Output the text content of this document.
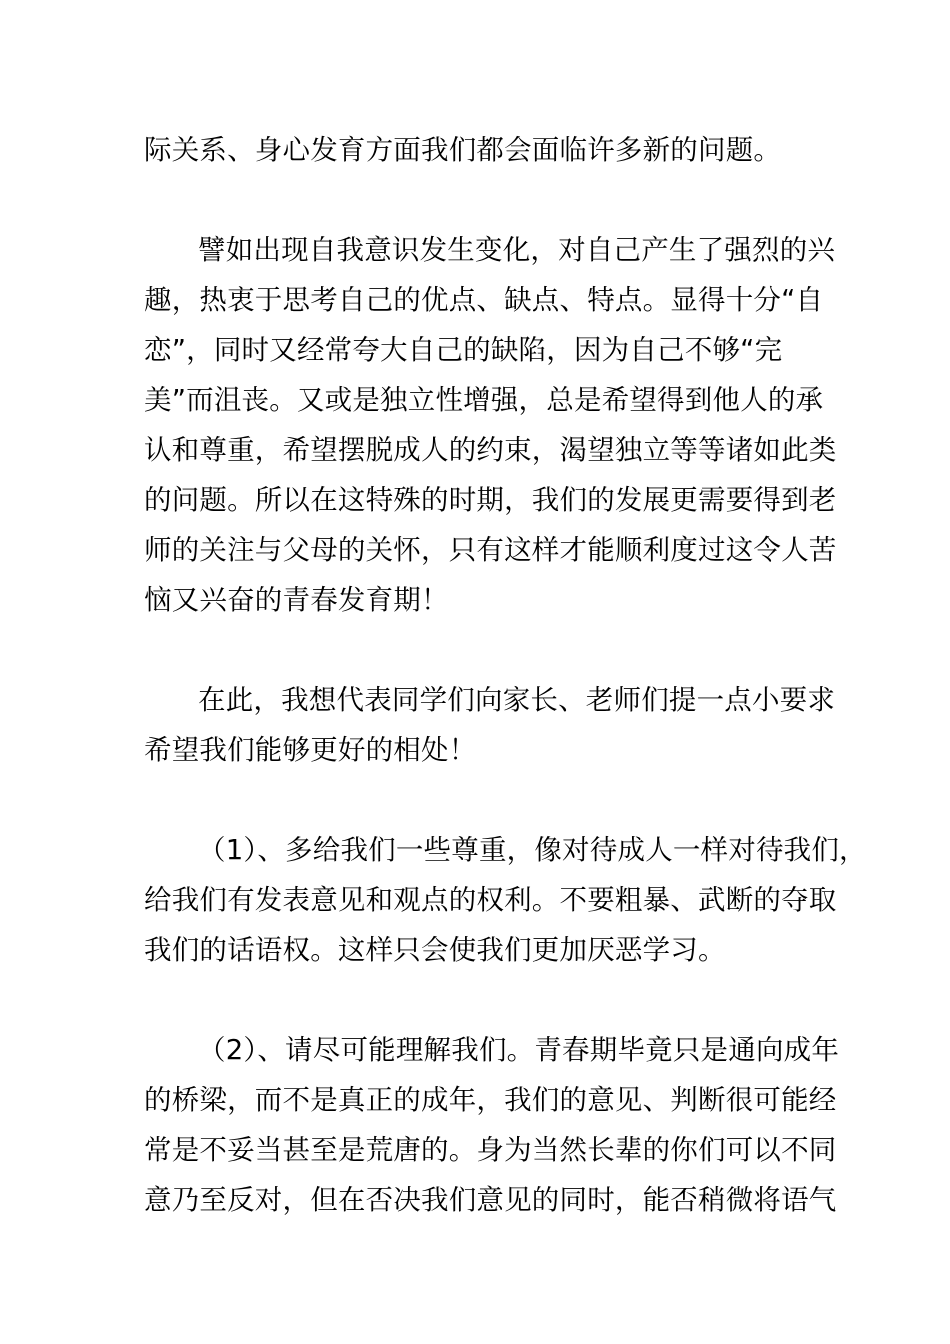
际关系、身心发育方面我们都会面临许多新的问题。
譬如出现自我意识发生变化，对自己产生了强烈的兴
趣，热衷于思考自己的优点、缺点、特点。显得十分“自
恋”，同时又经常夸大自己的缺陷，因为自己不够“完
美”而沮丧。又或是独立性增强，总是希望得到他人的承
认和尊重，希望摆脱成人的约束，渴望独立等等诸如此类
的问题。所以在这特殊的时期，我们的发展更需要得到老
师的关注与父母的关怀，只有这样才能顺利度过这令人苦
恼又兴奋的青春发育期！
在此，我想代表同学们向家长、老师们提一点小要求
希望我们能够更好的相处！
（1）、多给我们一些尊重，像对待成人一样对待我们，
给我们有发表意见和观点的权利。不要粗暴、武断的夺取
我们的话语权。这样只会使我们更加厌恶学习。
（2）、请尽可能理解我们。青春期毕竟只是通向成年
的桥梁，而不是真正的成年，我们的意见、判断很可能经
常是不妥当甚至是荒唐的。身为当然长辈的你们可以不同
意乃至反对，但在否决我们意见的同时，能否稍微将语气
